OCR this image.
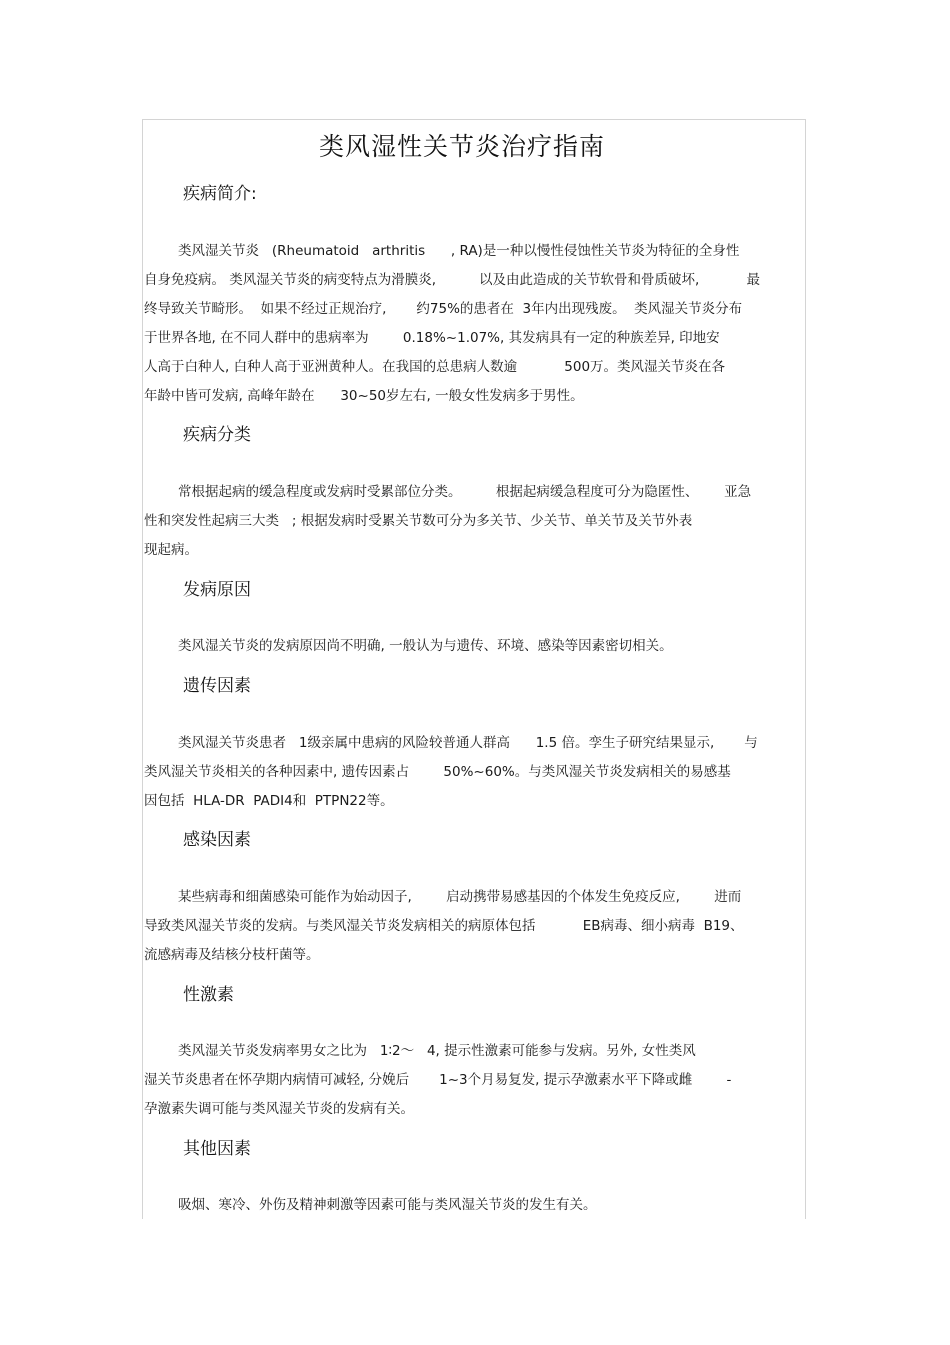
类风湿性关节炎治疗指南
疾病简介:
类风湿关节炎   (Rheumatoid   arthritis      , RA)是一种以慢性侵蚀性关节炎为特征的全身性
自身免疫病。 类风湿关节炎的病变特点为滑膜炎,          以及由此造成的关节软骨和骨质破坏,           最
终导致关节畸形。  如果不经过正规治疗,       约75%的患者在  3年内出现残废。  类风湿关节炎分布
于世界各地, 在不同人群中的患病率为        0.18%~1.07%, 其发病具有一定的种族差异, 印地安
人高于白种人, 白种人高于亚洲黄种人。在我国的总患病人数逾           500万。类风湿关节炎在各
年龄中皆可发病, 高峰年龄在      30~50岁左右, 一般女性发病多于男性。
疾病分类
常根据起病的缓急程度或发病时受累部位分类。        根据起病缓急程度可分为隐匿性、      亚急
性和突发性起病三大类   ; 根据发病时受累关节数可分为多关节、少关节、单关节及关节外表
现起病。
发病原因
类风湿关节炎的发病原因尚不明确, 一般认为与遗传、环境、感染等因素密切相关。
遗传因素
类风湿关节炎患者   1级亲属中患病的风险较普通人群高      1.5 倍。孪生子研究结果显示,       与
类风湿关节炎相关的各种因素中, 遗传因素占        50%~60%。与类风湿关节炎发病相关的易感基
因包括  HLA-DR  PADI4和  PTPN22等。
感染因素
某些病毒和细菌感染可能作为始动因子,        启动携带易感基因的个体发生免疫反应,        进而
导致类风湿关节炎的发病。与类风湿关节炎发病相关的病原体包括           EB病毒、细小病毒  B19、
流感病毒及结核分枝杆菌等。
性激素
类风湿关节炎发病率男女之比为   1∶2～   4, 提示性激素可能参与发病。另外, 女性类风
湿关节炎患者在怀孕期内病情可减轻, 分娩后       1~3个月易复发, 提示孕激素水平下降或雌        -
孕激素失调可能与类风湿关节炎的发病有关。
其他因素
吸烟、寒冷、外伤及精神刺激等因素可能与类风湿关节炎的发生有关。
